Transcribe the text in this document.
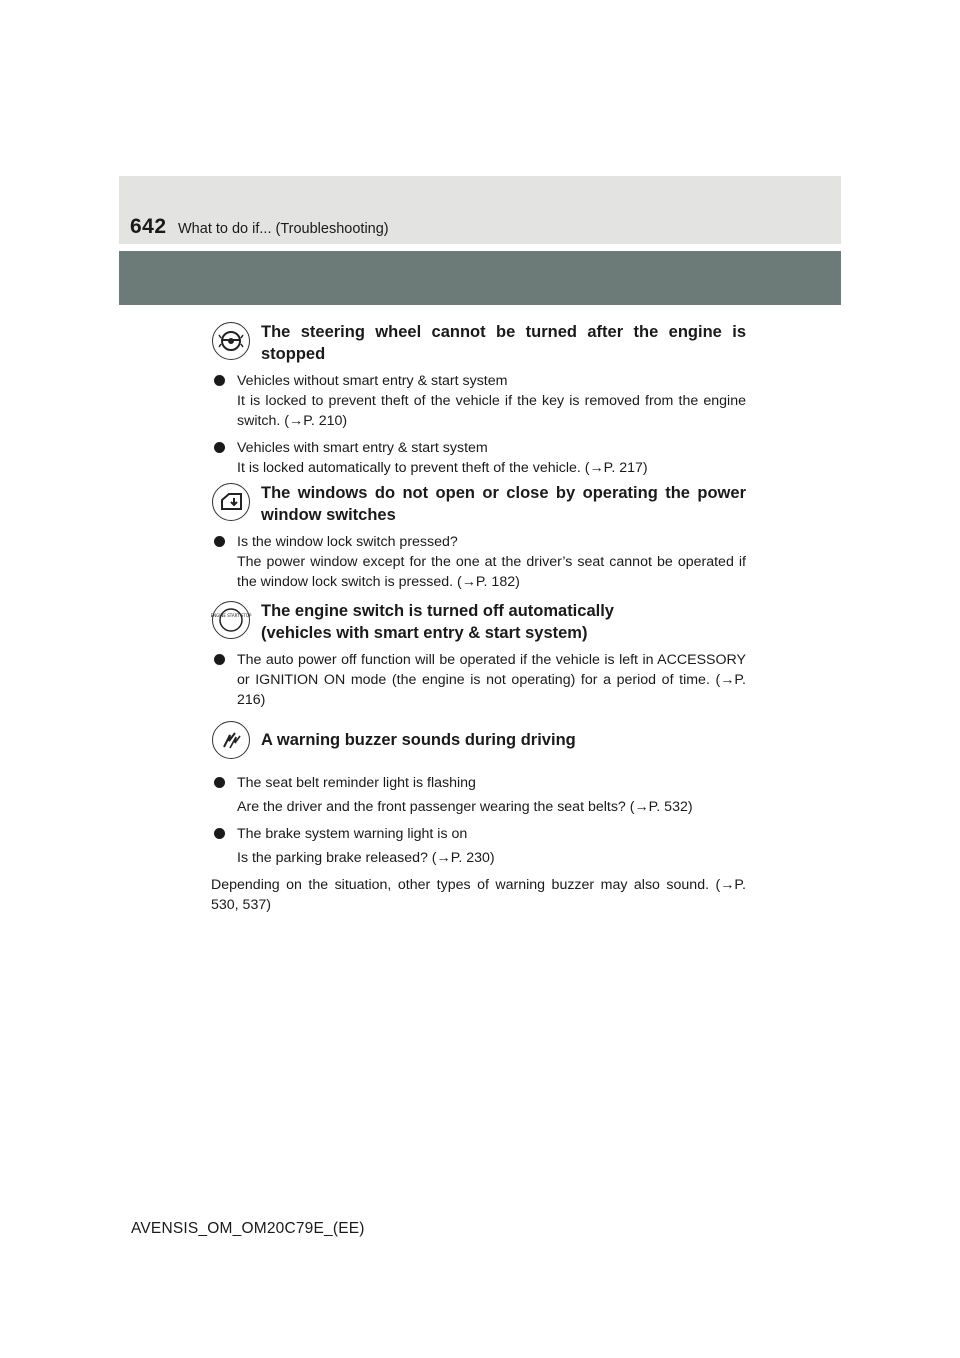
642 What to do if... (Troubleshooting)
The steering wheel cannot be turned after the engine is stopped
Vehicles without smart entry & start system
It is locked to prevent theft of the vehicle if the key is removed from the engine switch. (→P. 210)
Vehicles with smart entry & start system
It is locked automatically to prevent theft of the vehicle. (→P. 217)
The windows do not open or close by operating the power window switches
Is the window lock switch pressed?
The power window except for the one at the driver’s seat cannot be operated if the window lock switch is pressed. (→P. 182)
ENGINE START STOP The engine switch is turned off automatically
(vehicles with smart entry & start system)
The auto power off function will be operated if the vehicle is left in ACCESSORY or IGNITION ON mode (the engine is not operating) for a period of time. (→P. 216)
A warning buzzer sounds during driving
The seat belt reminder light is flashing
Are the driver and the front passenger wearing the seat belts? (→P. 532)
The brake system warning light is on
Is the parking brake released? (→P. 230)
Depending on the situation, other types of warning buzzer may also sound. (→P. 530, 537)
AVENSIS_OM_OM20C79E_(EE)
